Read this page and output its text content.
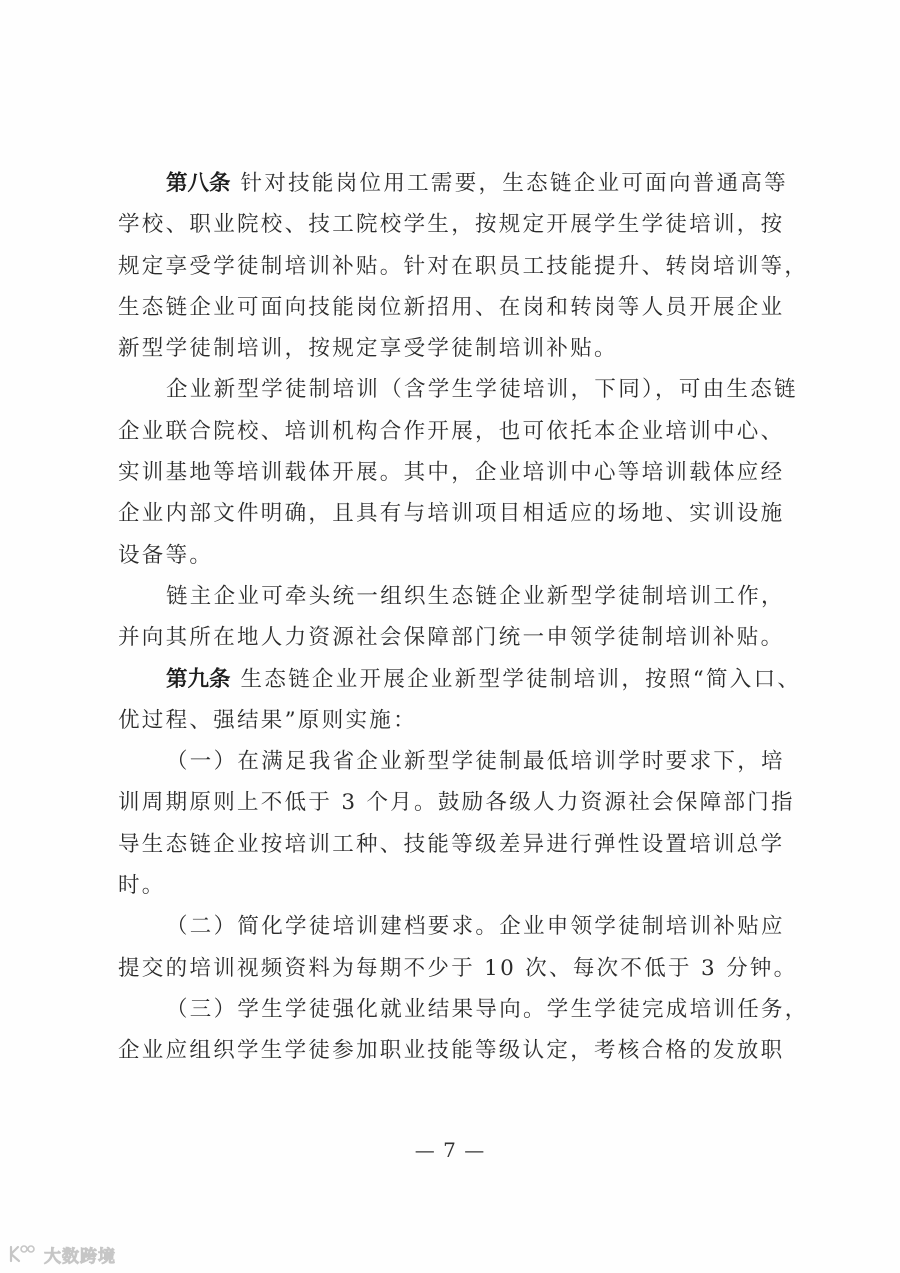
第八条 针对技能岗位用工需要，生态链企业可面向普通高等
学校、职业院校、技工院校学生，按规定开展学生学徒培训，按
规定享受学徒制培训补贴。针对在职员工技能提升、转岗培训等，
生态链企业可面向技能岗位新招用、在岗和转岗等人员开展企业
新型学徒制培训，按规定享受学徒制培训补贴。
企业新型学徒制培训（含学生学徒培训，下同），可由生态链
企业联合院校、培训机构合作开展，也可依托本企业培训中心、
实训基地等培训载体开展。其中，企业培训中心等培训载体应经
企业内部文件明确，且具有与培训项目相适应的场地、实训设施
设备等。
链主企业可牵头统一组织生态链企业新型学徒制培训工作，
并向其所在地人力资源社会保障部门统一申领学徒制培训补贴。
第九条 生态链企业开展企业新型学徒制培训，按照“简入口、
优过程、强结果”原则实施：
（一）在满足我省企业新型学徒制最低培训学时要求下，培
训周期原则上不低于 3 个月。鼓励各级人力资源社会保障部门指
导生态链企业按培训工种、技能等级差异进行弹性设置培训总学
时。
（二）简化学徒培训建档要求。企业申领学徒制培训补贴应
提交的培训视频资料为每期不少于 10 次、每次不低于 3 分钟。
（三）学生学徒强化就业结果导向。学生学徒完成培训任务，
企业应组织学生学徒参加职业技能等级认定，考核合格的发放职
— 7 —
大数跨境
